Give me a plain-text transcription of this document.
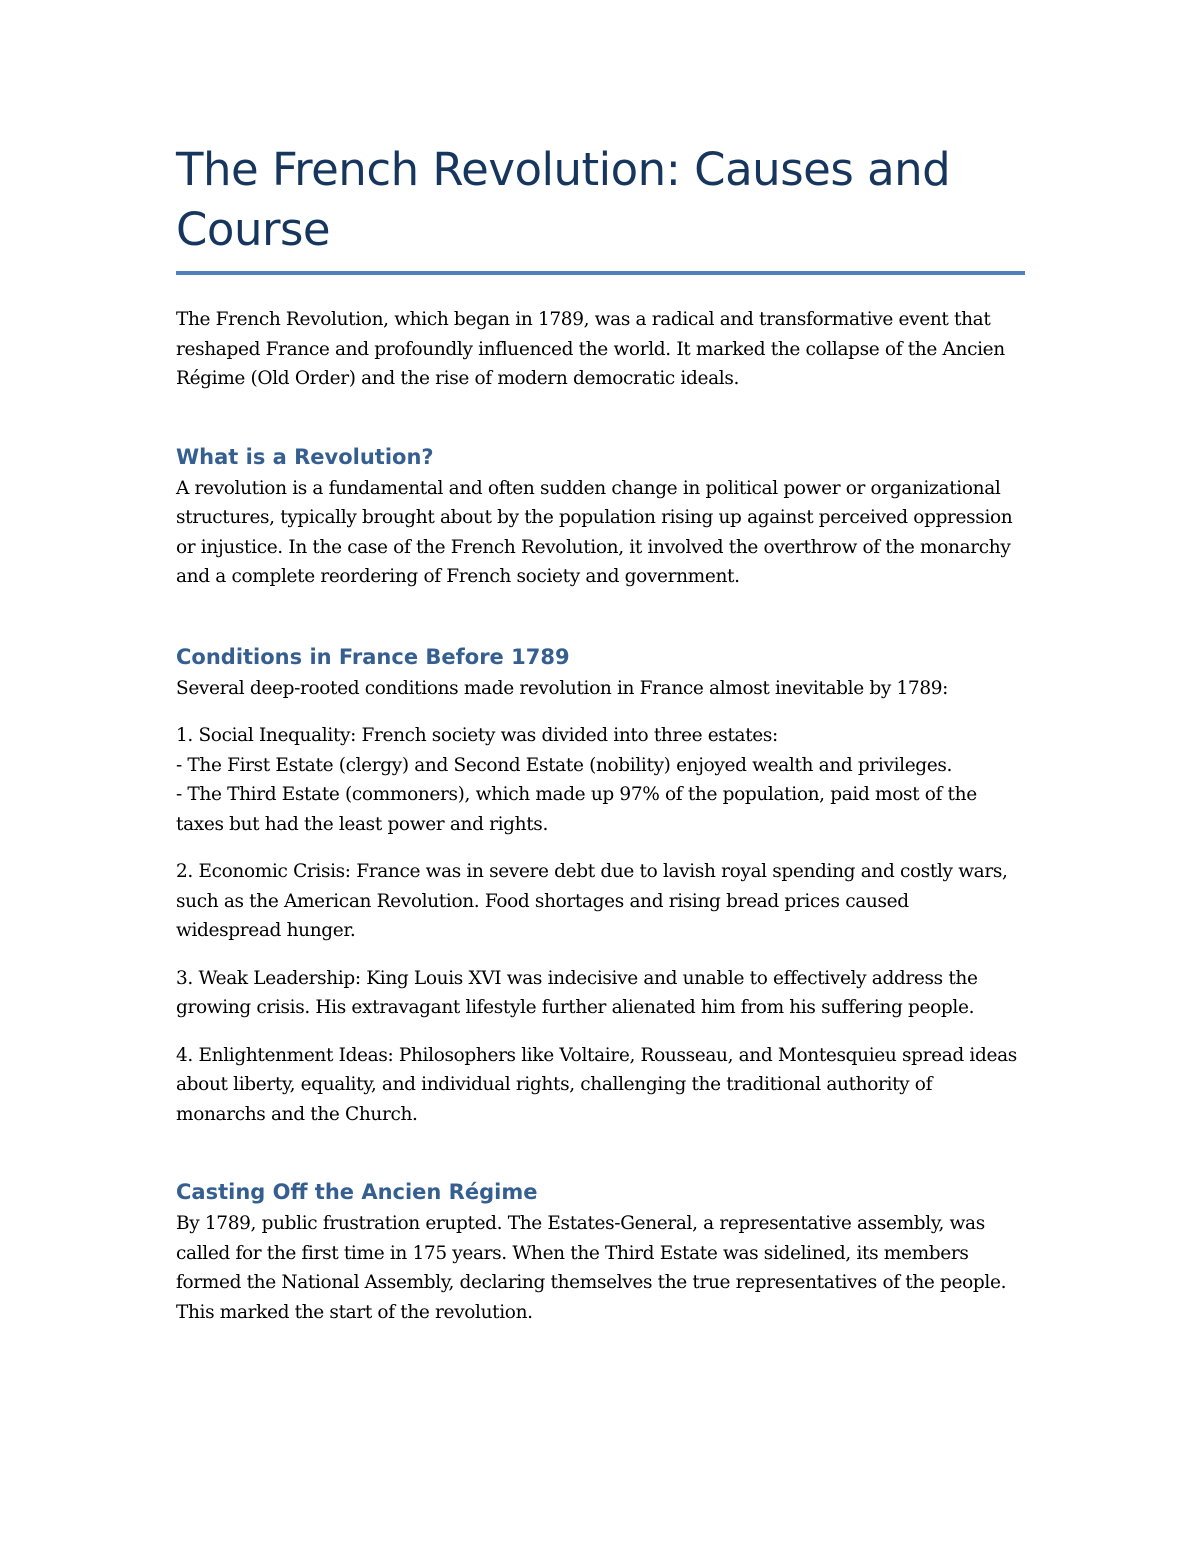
The French Revolution: Causes and
Course

The French Revolution, which began in 1789, was a radical and transformative event that
reshaped France and profoundly influenced the world. It marked the collapse of the Ancien
Régime (Old Order) and the rise of modern democratic ideals.

What is a Revolution?

A revolution is a fundamental and often sudden change in political power or organizational
structures, typically brought about by the population rising up against perceived oppression
or injustice. In the case of the French Revolution, it involved the overthrow of the monarchy
and a complete reordering of French society and government.

Conditions in France Before 1789

Several deep-rooted conditions made revolution in France almost inevitable by 1789:

1. Social Inequality: French society was divided into three estates:
- The First Estate (clergy) and Second Estate (nobility) enjoyed wealth and privileges.
- The Third Estate (commoners), which made up 97% of the population, paid most of the
taxes but had the least power and rights.

2. Economic Crisis: France was in severe debt due to lavish royal spending and costly wars,
such as the American Revolution. Food shortages and rising bread prices caused
widespread hunger.

3. Weak Leadership: King Louis XVI was indecisive and unable to effectively address the
growing crisis. His extravagant lifestyle further alienated him from his suffering people.

4. Enlightenment Ideas: Philosophers like Voltaire, Rousseau, and Montesquieu spread ideas
about liberty, equality, and individual rights, challenging the traditional authority of
monarchs and the Church.

Casting Off the Ancien Régime

By 1789, public frustration erupted. The Estates-General, a representative assembly, was
called for the first time in 175 years. When the Third Estate was sidelined, its members
formed the National Assembly, declaring themselves the true representatives of the people.
This marked the start of the revolution.
